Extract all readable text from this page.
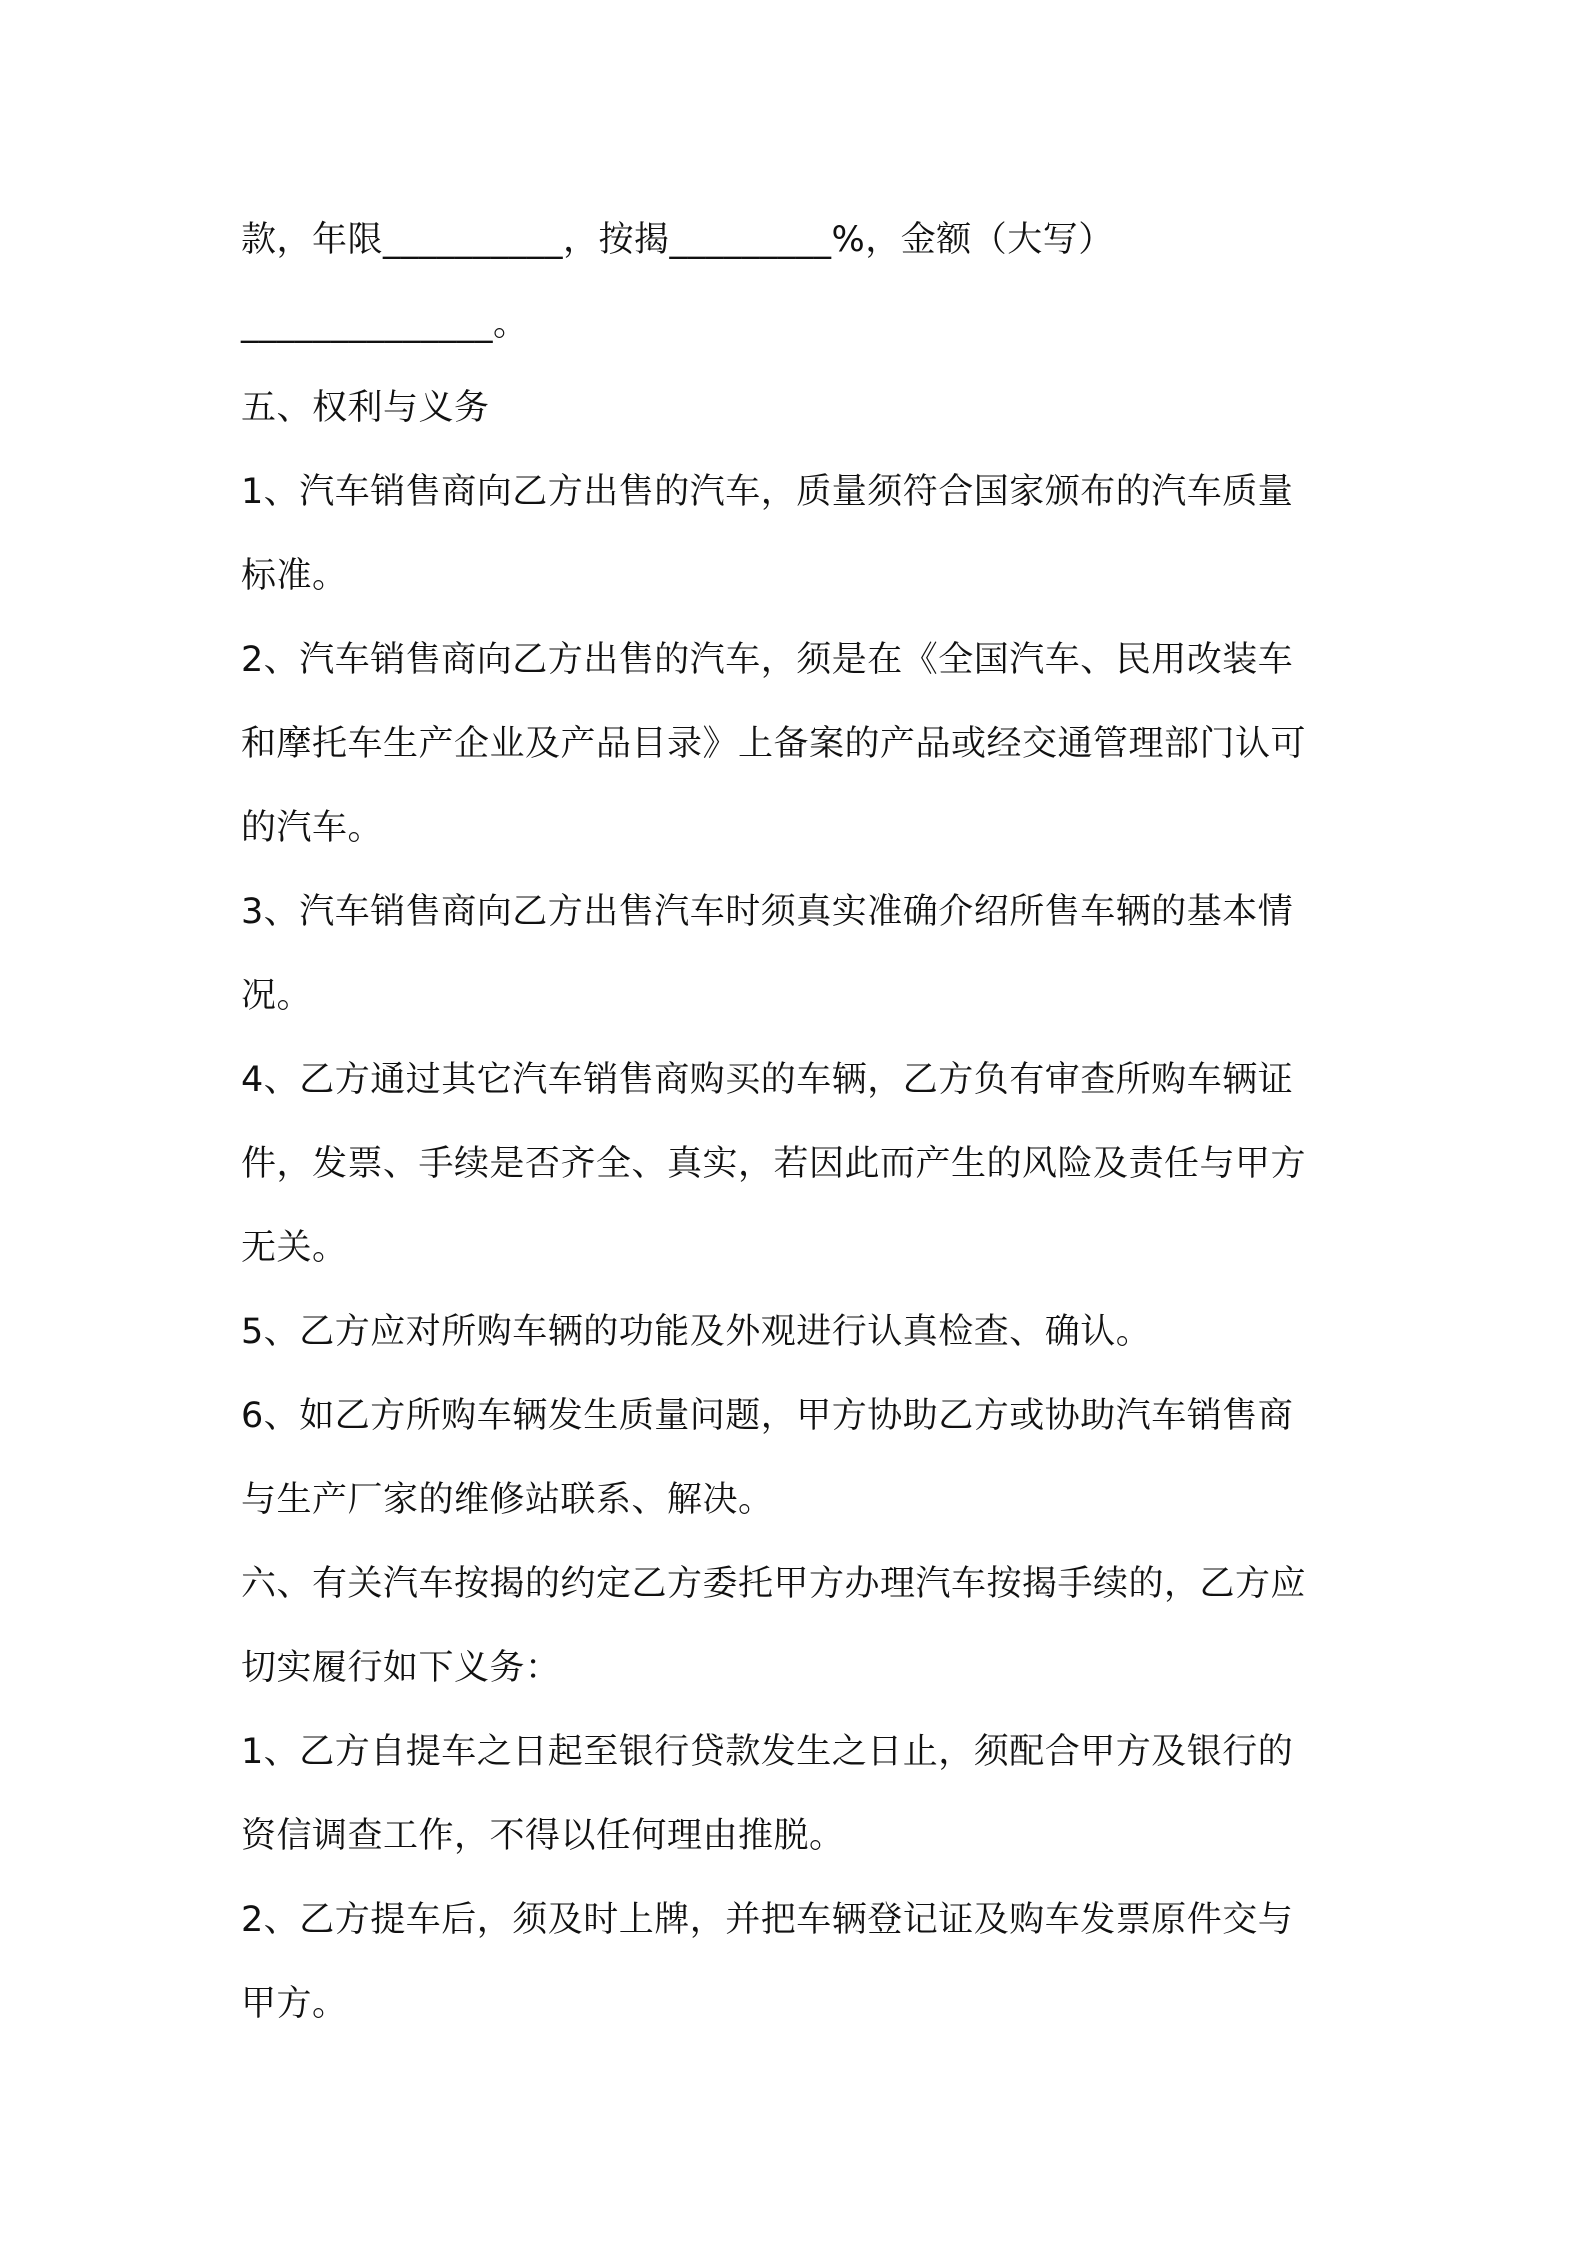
款，年限__________，按揭_________%，金额（大写）
______________。
五、权利与义务
1、汽车销售商向乙方出售的汽车，质量须符合国家颁布的汽车质量
标准。
2、汽车销售商向乙方出售的汽车，须是在《全国汽车、民用改装车
和摩托车生产企业及产品目录》上备案的产品或经交通管理部门认可
的汽车。
3、汽车销售商向乙方出售汽车时须真实准确介绍所售车辆的基本情
况。
4、乙方通过其它汽车销售商购买的车辆，乙方负有审查所购车辆证
件，发票、手续是否齐全、真实，若因此而产生的风险及责任与甲方
无关。
5、乙方应对所购车辆的功能及外观进行认真检查、确认。
6、如乙方所购车辆发生质量问题，甲方协助乙方或协助汽车销售商
与生产厂家的维修站联系、解决。
六、有关汽车按揭的约定乙方委托甲方办理汽车按揭手续的，乙方应
切实履行如下义务：
1、乙方自提车之日起至银行贷款发生之日止，须配合甲方及银行的
资信调查工作，不得以任何理由推脱。
2、乙方提车后，须及时上牌，并把车辆登记证及购车发票原件交与
甲方。
